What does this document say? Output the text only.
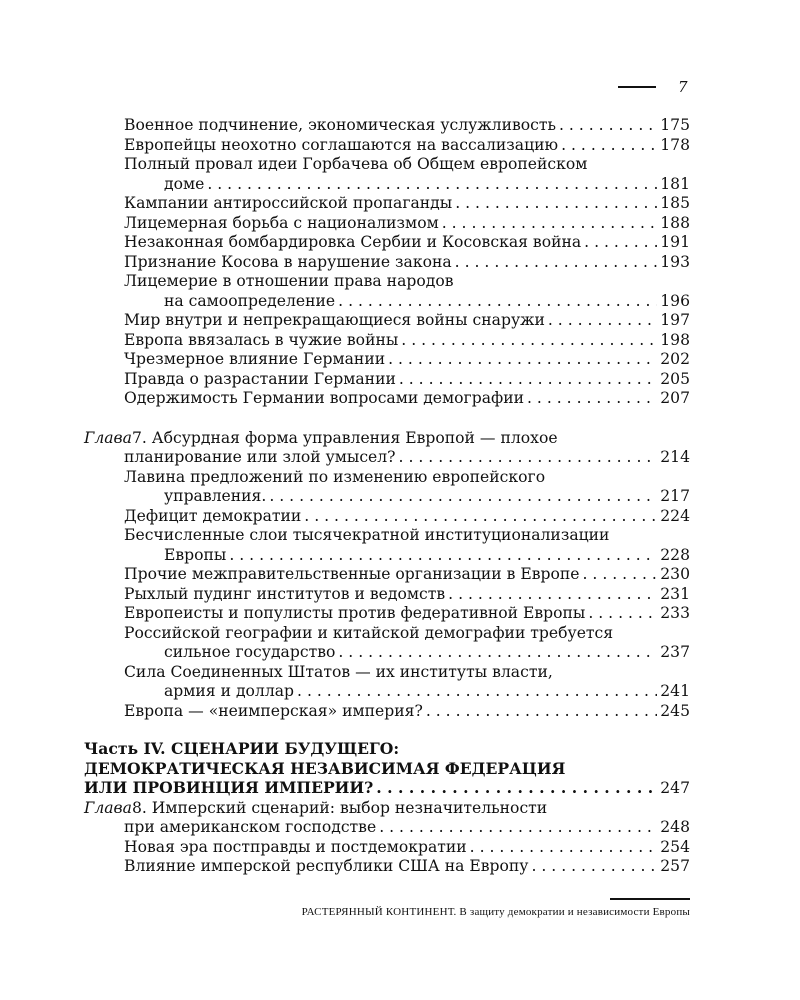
7
Военное подчинение, экономическая услужливость . . .	175
Европейцы неохотно соглашаются на вассализацию . . .	178
Полный провал идеи Горбачева об Общем европейском
доме . . .	181
Кампании антироссийской пропаганды . . .	185
Лицемерная борьба с национализмом . . .	188
Незаконная бомбардировка Сербии и Косовская война . . .	191
Признание Косова в нарушение закона . . .	193
Лицемерие в отношении права народов
на самоопределение . . .	196
Мир внутри и непрекращающиеся войны снаружи . . .	197
Европа ввязалась в чужие войны . . .	198
Чрезмерное влияние Германии . . .	202
Правда о разрастании Германии . . .	205
Одержимость Германии вопросами демографии . . .	207
Глава 7. Абсурдная форма управления Европой — плохое
планирование или злой умысел? . . .	214
Лавина предложений по изменению европейского
управления. . . .	217
Дефицит демократии . . .	224
Бесчисленные слои тысячекратной институционализации
Европы . . .	228
Прочие межправительственные организации в Европе . . .	230
Рыхлый пудинг институтов и ведомств . . .	231
Европеисты и популисты против федеративной Европы . . .	233
Российской географии и китайской демографии требуется
сильное государство . . .	237
Сила Соединенных Штатов — их институты власти,
армия и доллар . . .	241
Европа — «неимперская» империя? . . .	245
Часть IV. СЦЕНАРИИ БУДУЩЕГО:
ДЕМОКРАТИЧЕСКАЯ НЕЗАВИСИМАЯ ФЕДЕРАЦИЯ
ИЛИ ПРОВИНЦИЯ ИМПЕРИИ? . . .	247
Глава 8. Имперский сценарий: выбор незначительности
при американском господстве . . .	248
Новая эра постправды и постдемократии . . .	254
Влияние имперской республики США на Европу . . .	257
РАСТЕРЯННЫЙ КОНТИНЕНТ. В защиту демократии и независимости Европы
